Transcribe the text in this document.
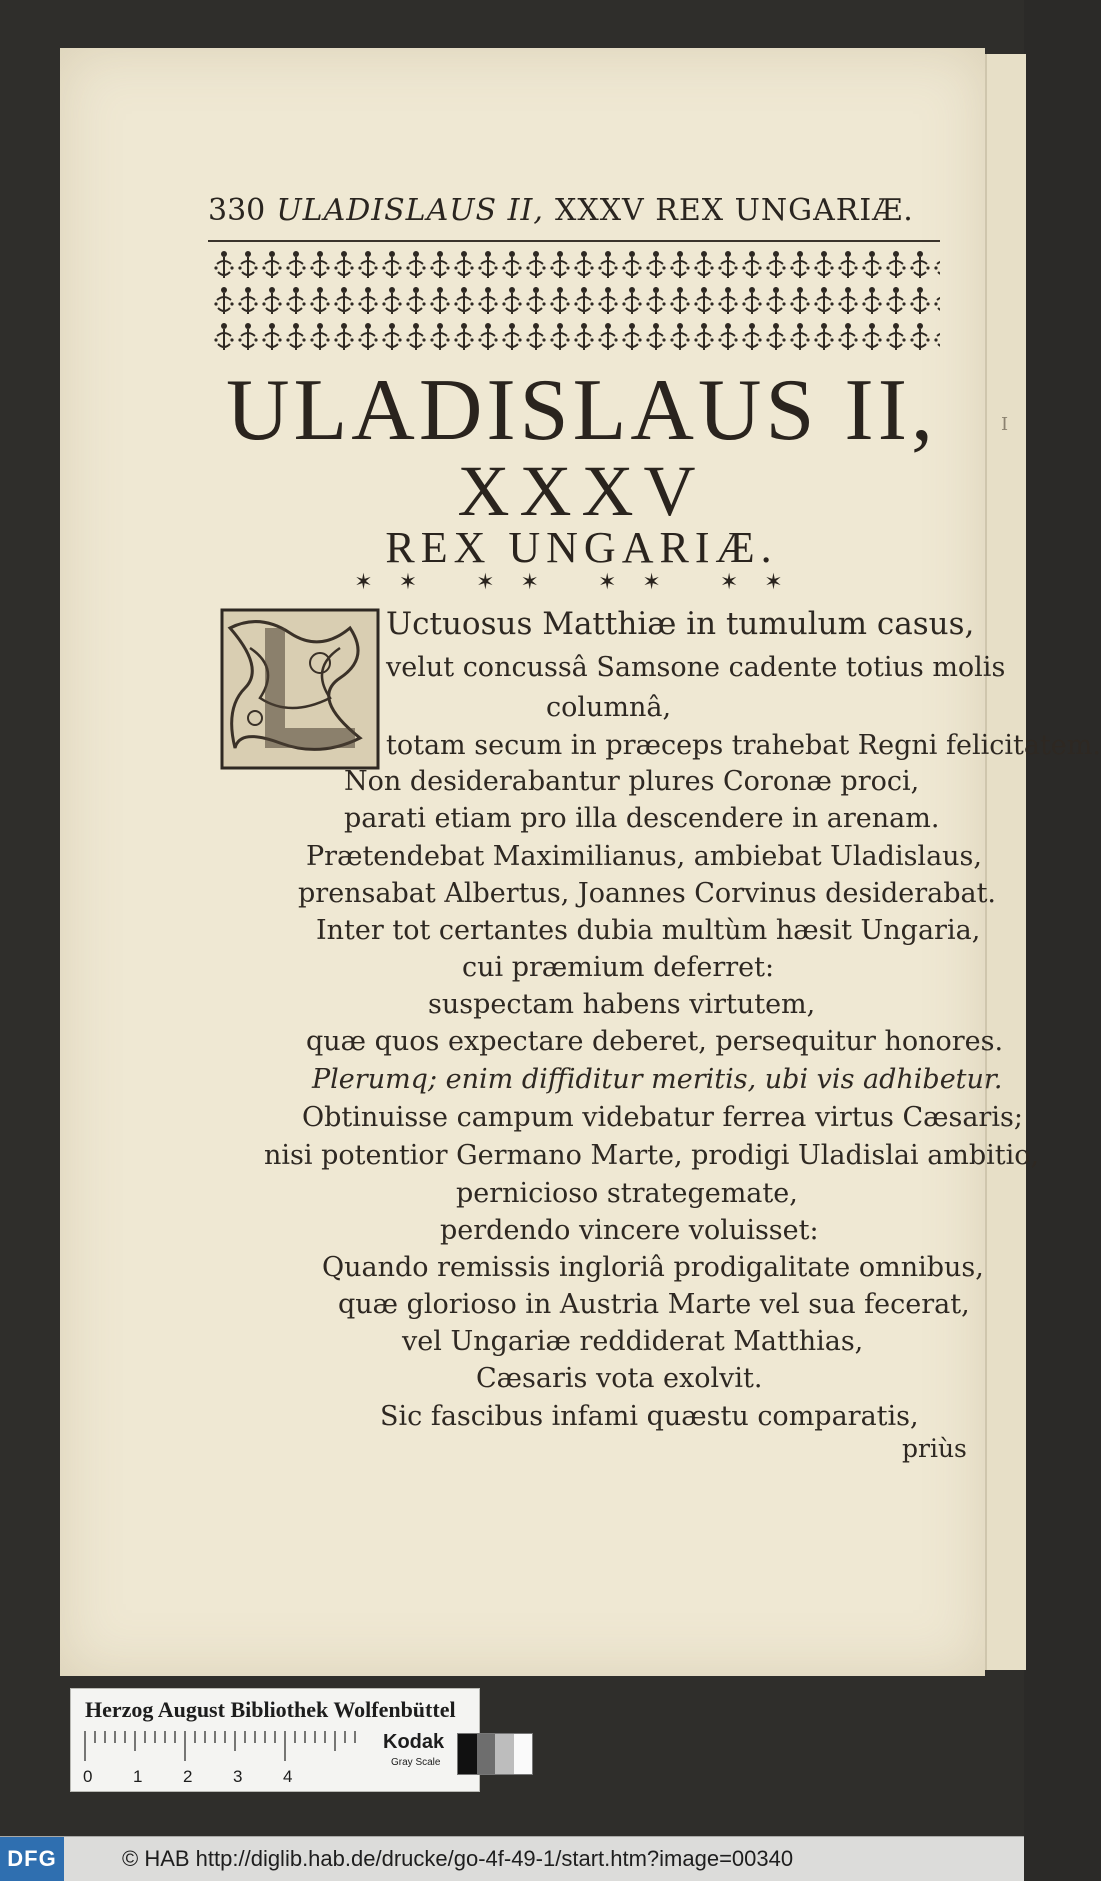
I
330 ULADISLAUS II, XXXV REX UNGARIÆ.
ULADISLAUS II,
XXXV
REX UNGARIÆ.
✶✶ ✶✶ ✶✶ ✶✶
Uctuosus Matthiæ in tumulum casus,
velut concussâ Samsone cadente totius molis
columnâ,
totam secum in præceps trahebat Regni felicitatem.
Non desiderabantur plures Coronæ proci,
parati etiam pro illa descendere in arenam.
Prætendebat Maximilianus, ambiebat Uladislaus,
prensabat Albertus, Joannes Corvinus desiderabat.
Inter tot certantes dubia multùm hæsit Ungaria,
cui præmium deferret:
suspectam habens virtutem,
quæ quos expectare deberet, persequitur honores.
Plerumq; enim diffiditur meritis, ubi vis adhibetur.
Obtinuisse campum videbatur ferrea virtus Cæsaris;
nisi potentior Germano Marte, prodigi Uladislai ambitio,
pernicioso strategemate,
perdendo vincere voluisset:
Quando remissis ingloriâ prodigalitate omnibus,
quæ glorioso in Austria Marte vel sua fecerat,
vel Ungariæ reddiderat Matthias,
Cæsaris vota exolvit.
Sic fascibus infami quæstu comparatis,
priùs
Herzog August Bibliothek Wolfenbüttel
0 1 2 3 4
Kodak
Gray Scale
DFG	© HAB http://diglib.hab.de/drucke/go-4f-49-1/start.htm?image=00340
